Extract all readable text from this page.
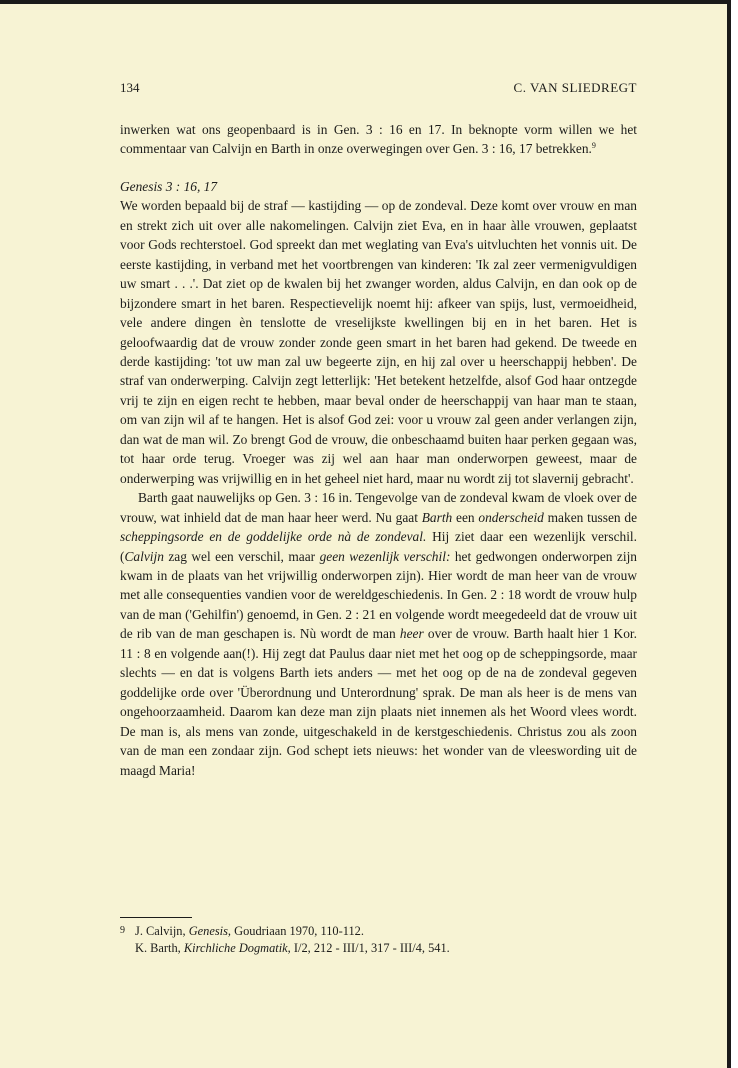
134	C. VAN SLIEDREGT

inwerken wat ons geopenbaard is in Gen. 3 : 16 en 17. In beknopte vorm willen we het commentaar van Calvijn en Barth in onze overwegingen over Gen. 3 : 16, 17 betrekken.$^9$

Genesis 3 : 16, 17

We worden bepaald bij de straf — kastijding — op de zondeval. Deze komt over vrouw en man en strekt zich uit over alle nakomelingen. Calvijn ziet Eva, en in haar àlle vrouwen, geplaatst voor Gods rechterstoel. God spreekt dan met weglating van Eva's uitvluchten het vonnis uit. De eerste kastijding, in verband met het voortbrengen van kinderen: 'Ik zal zeer vermenigvuldigen uw smart . . .'. Dat ziet op de kwalen bij het zwanger worden, aldus Calvijn, en dan ook op de bijzondere smart in het baren. Respectievelijk noemt hij: afkeer van spijs, lust, vermoeidheid, vele andere dingen èn tenslotte de vreselijkste kwellingen bij en in het baren. Het is geloofwaardig dat de vrouw zonder zonde geen smart in het baren had gekend. De tweede en derde kastijding: 'tot uw man zal uw begeerte zijn, en hij zal over u heerschappij hebben'. De straf van onderwerping. Calvijn zegt letterlijk: 'Het betekent hetzelfde, alsof God haar ontzegde vrij te zijn en eigen recht te hebben, maar beval onder de heerschappij van haar man te staan, om van zijn wil af te hangen. Het is alsof God zei: voor u vrouw zal geen ander verlangen zijn, dan wat de man wil. Zo brengt God de vrouw, die onbeschaamd buiten haar perken gegaan was, tot haar orde terug. Vroeger was zij wel aan haar man onderworpen geweest, maar de onderwerping was vrijwillig en in het geheel niet hard, maar nu wordt zij tot slavernij gebracht'.

Barth gaat nauwelijks op Gen. 3 : 16 in. Tengevolge van de zondeval kwam de vloek over de vrouw, wat inhield dat de man haar heer werd. Nu gaat Barth een onderscheid maken tussen de scheppingsorde en de goddelijke orde nà de zondeval. Hij ziet daar een wezenlijk verschil. (Calvijn zag wel een verschil, maar geen wezenlijk verschil: het gedwongen onderworpen zijn kwam in de plaats van het vrijwillig onderworpen zijn). Hier wordt de man heer van de vrouw met alle consequenties vandien voor de wereldgeschiedenis. In Gen. 2 : 18 wordt de vrouw hulp van de man ('Gehilfin') genoemd, in Gen. 2 : 21 en volgende wordt meegedeeld dat de vrouw uit de rib van de man geschapen is. Nù wordt de man heer over de vrouw. Barth haalt hier 1 Kor. 11 : 8 en volgende aan(!). Hij zegt dat Paulus daar niet met het oog op de scheppingsorde, maar slechts — en dat is volgens Barth iets anders — met het oog op de na de zondeval gegeven goddelijke orde over 'Überordnung und Unterordnung' sprak. De man als heer is de mens van ongehoorzaamheid. Daarom kan deze man zijn plaats niet innemen als het Woord vlees wordt. De man is, als mens van zonde, uitgeschakeld in de kerstgeschiedenis. Christus zou als zoon van de man een zondaar zijn. God schept iets nieuws: het wonder van de vleeswording uit de maagd Maria!

9 J. Calvijn, Genesis, Goudriaan 1970, 110-112.
K. Barth, Kirchliche Dogmatik, I/2, 212 - III/1, 317 - III/4, 541.
